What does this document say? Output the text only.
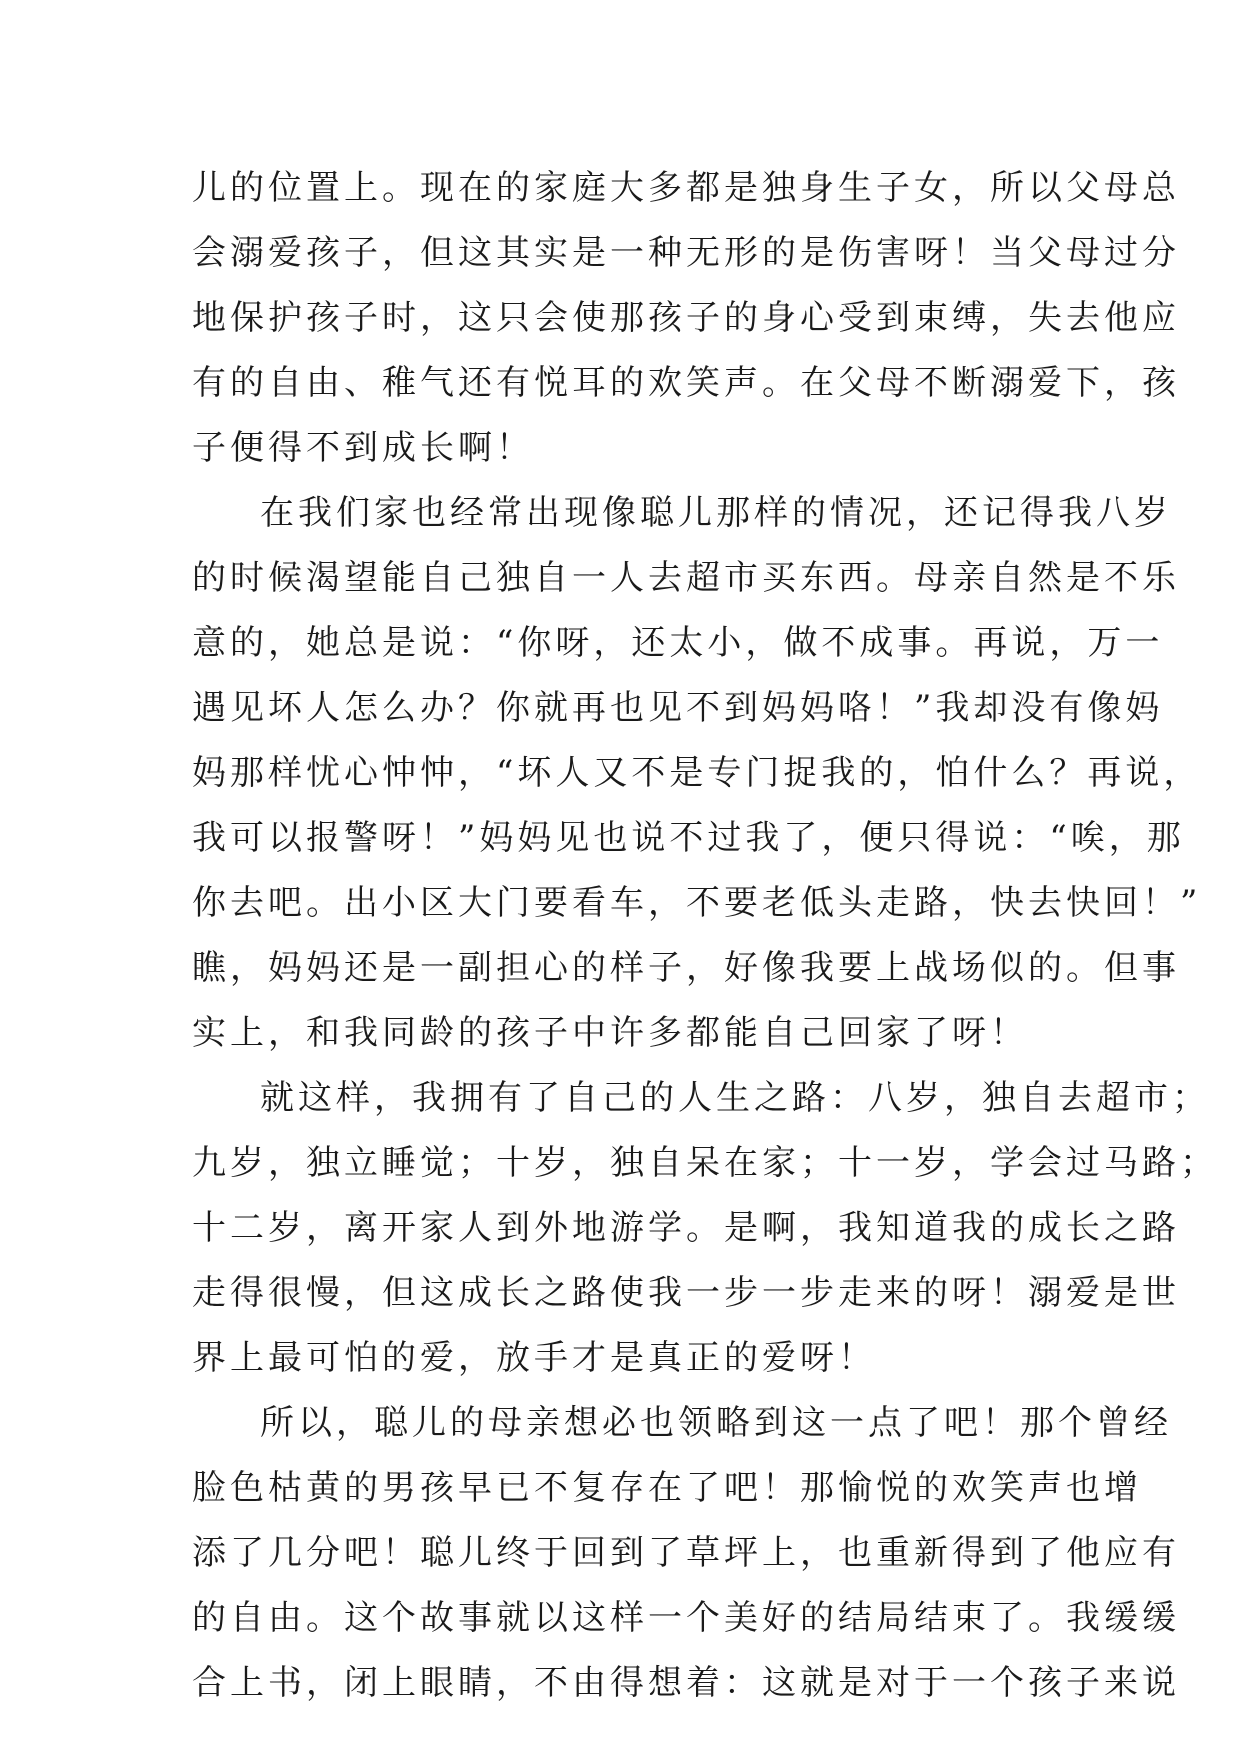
儿的位置上。现在的家庭大多都是独身生子女，所以父母总
会溺爱孩子，但这其实是一种无形的是伤害呀！当父母过分
地保护孩子时，这只会使那孩子的身心受到束缚，失去他应
有的自由、稚气还有悦耳的欢笑声。在父母不断溺爱下，孩
子便得不到成长啊！
在我们家也经常出现像聪儿那样的情况，还记得我八岁
的时候渴望能自己独自一人去超市买东西。母亲自然是不乐
意的，她总是说：“你呀，还太小，做不成事。再说，万一
遇见坏人怎么办？你就再也见不到妈妈咯！”我却没有像妈
妈那样忧心忡忡，“坏人又不是专门捉我的，怕什么？再说，
我可以报警呀！”妈妈见也说不过我了，便只得说：“唉，那
你去吧。出小区大门要看车，不要老低头走路，快去快回！”
瞧，妈妈还是一副担心的样子，好像我要上战场似的。但事
实上，和我同龄的孩子中许多都能自己回家了呀！
就这样，我拥有了自己的人生之路：八岁，独自去超市；
九岁，独立睡觉；十岁，独自呆在家；十一岁，学会过马路；
十二岁，离开家人到外地游学。是啊，我知道我的成长之路
走得很慢，但这成长之路使我一步一步走来的呀！溺爱是世
界上最可怕的爱，放手才是真正的爱呀！
所以，聪儿的母亲想必也领略到这一点了吧！那个曾经
脸色枯黄的男孩早已不复存在了吧！那愉悦的欢笑声也增
添了几分吧！聪儿终于回到了草坪上，也重新得到了他应有
的自由。这个故事就以这样一个美好的结局结束了。我缓缓
合上书，闭上眼睛，不由得想着：这就是对于一个孩子来说
